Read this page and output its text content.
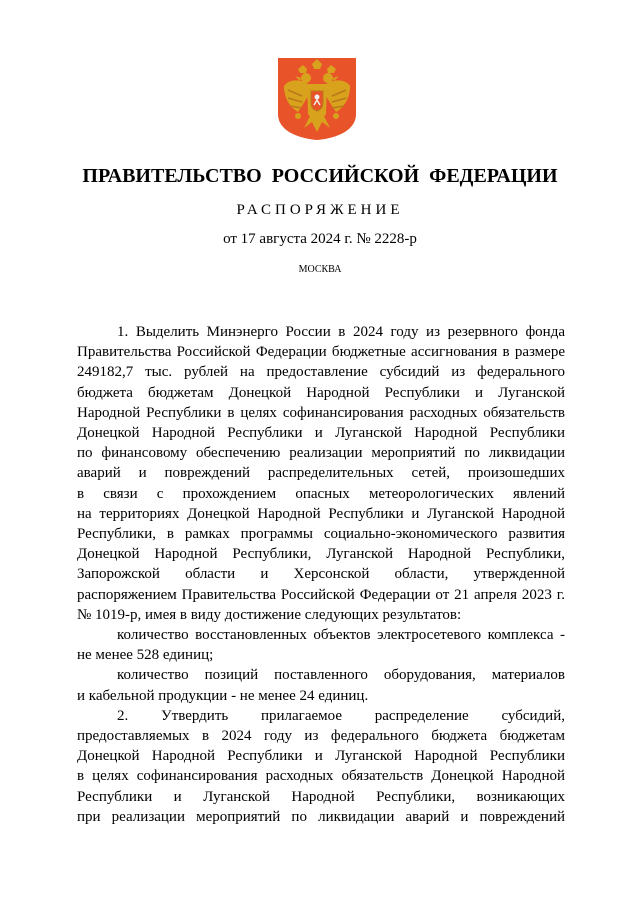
ПРАВИТЕЛЬСТВО РОССИЙСКОЙ ФЕДЕРАЦИИ
РАСПОРЯЖЕНИЕ
от 17 августа 2024 г. № 2228-р
МОСКВА
1. Выделить Минэнерго России в 2024 году из резервного фонда
Правительства Российской Федерации бюджетные ассигнования в размере
249182,7 тыс. рублей на предоставление субсидий из федерального
бюджета бюджетам Донецкой Народной Республики и Луганской
Народной Республики в целях софинансирования расходных обязательств
Донецкой Народной Республики и Луганской Народной Республики
по финансовому обеспечению реализации мероприятий по ликвидации
аварий и повреждений распределительных сетей, произошедших
в связи с прохождением опасных метеорологических явлений
на территориях Донецкой Народной Республики и Луганской Народной
Республики, в рамках программы социально-экономического развития
Донецкой Народной Республики, Луганской Народной Республики,
Запорожской области и Херсонской области, утвержденной
распоряжением Правительства Российской Федерации от 21 апреля 2023 г.
№ 1019-р, имея в виду достижение следующих результатов:
количество восстановленных объектов электросетевого комплекса -
не менее 528 единиц;
количество позиций поставленного оборудования, материалов
и кабельной продукции - не менее 24 единиц.
2. Утвердить прилагаемое распределение субсидий,
предоставляемых в 2024 году из федерального бюджета бюджетам
Донецкой Народной Республики и Луганской Народной Республики
в целях софинансирования расходных обязательств Донецкой Народной
Республики и Луганской Народной Республики, возникающих
при реализации мероприятий по ликвидации аварий и повреждений
